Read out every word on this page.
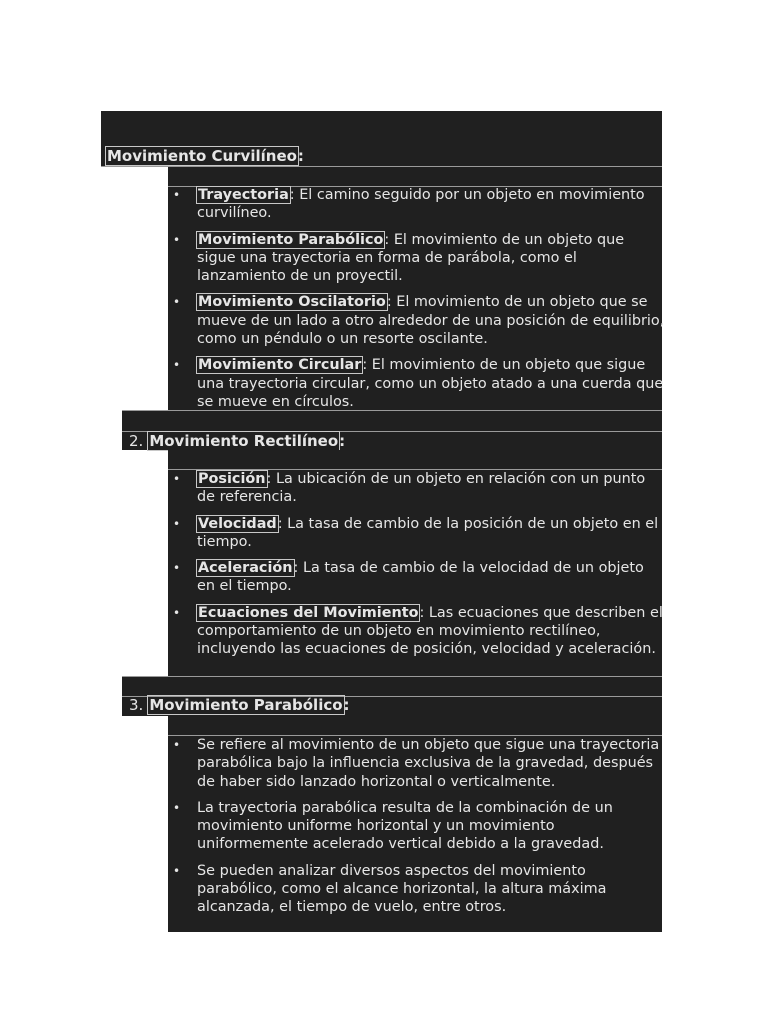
Movimiento Curvilíneo:
• Trayectoria: El camino seguido por un objeto en movimiento curvilíneo.
• Movimiento Parabólico: El movimiento de un objeto que sigue una trayectoria en forma de parábola, como el lanzamiento de un proyectil.
• Movimiento Oscilatorio: El movimiento de un objeto que se mueve de un lado a otro alrededor de una posición de equilibrio, como un péndulo o un resorte oscilante.
• Movimiento Circular: El movimiento de un objeto que sigue una trayectoria circular, como un objeto atado a una cuerda que se mueve en círculos.
2. Movimiento Rectilíneo:
• Posición: La ubicación de un objeto en relación con un punto de referencia.
• Velocidad: La tasa de cambio de la posición de un objeto en el tiempo.
• Aceleración: La tasa de cambio de la velocidad de un objeto en el tiempo.
• Ecuaciones del Movimiento: Las ecuaciones que describen el comportamiento de un objeto en movimiento rectilíneo, incluyendo las ecuaciones de posición, velocidad y aceleración.
3. Movimiento Parabólico:
• Se refiere al movimiento de un objeto que sigue una trayectoria parabólica bajo la influencia exclusiva de la gravedad, después de haber sido lanzado horizontal o verticalmente.
• La trayectoria parabólica resulta de la combinación de un movimiento uniforme horizontal y un movimiento uniformemente acelerado vertical debido a la gravedad.
• Se pueden analizar diversos aspectos del movimiento parabólico, como el alcance horizontal, la altura máxima alcanzada, el tiempo de vuelo, entre otros.
